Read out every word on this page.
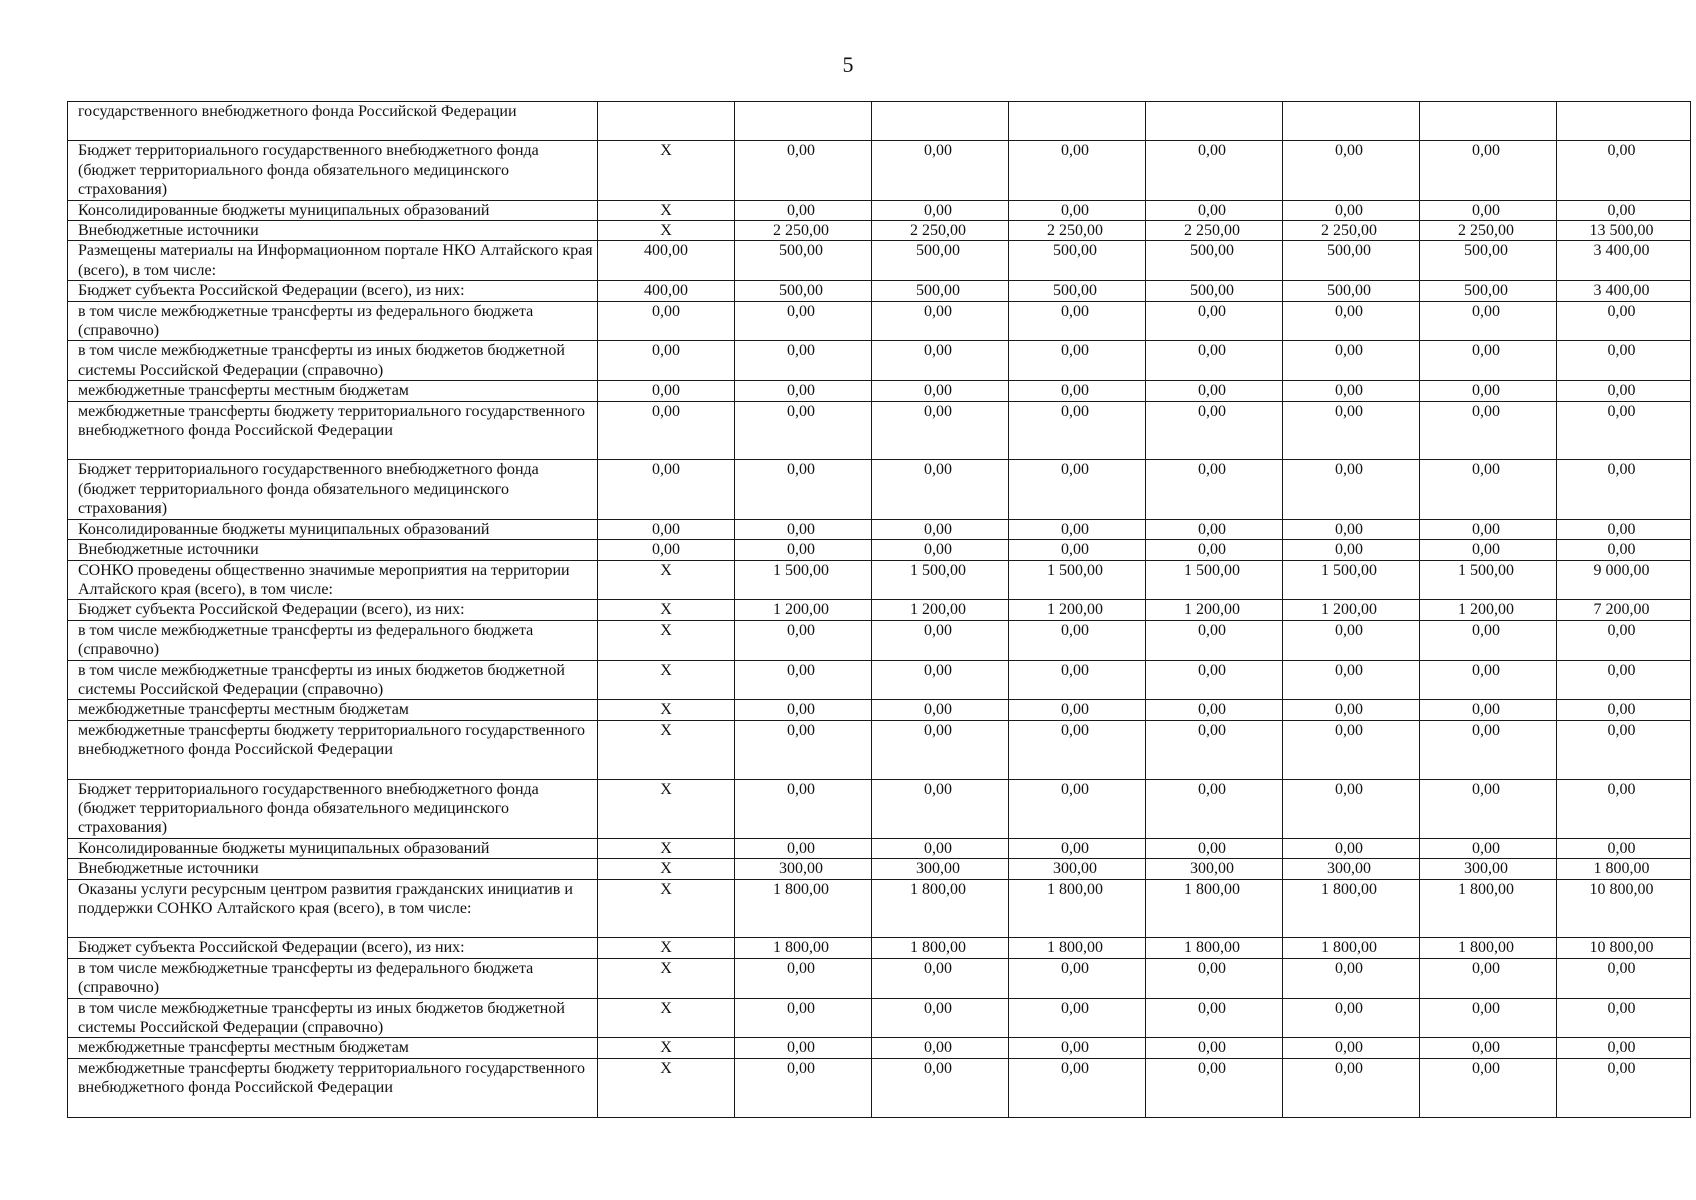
5
государственного внебюджетного фонда Российской Федерации								
Бюджет территориального государственного внебюджетного фонда (бюджет территориального фонда обязательного медицинского страхования)	Х	0,00	0,00	0,00	0,00	0,00	0,00	0,00
Консолидированные бюджеты муниципальных образований	Х	0,00	0,00	0,00	0,00	0,00	0,00	0,00
Внебюджетные источники	Х	2 250,00	2 250,00	2 250,00	2 250,00	2 250,00	2 250,00	13 500,00
Размещены материалы на Информационном портале НКО Алтайского края (всего), в том числе:	400,00	500,00	500,00	500,00	500,00	500,00	500,00	3 400,00
Бюджет субъекта Российской Федерации (всего), из них:	400,00	500,00	500,00	500,00	500,00	500,00	500,00	3 400,00
в том числе межбюджетные трансферты из федерального бюджета (справочно)	0,00	0,00	0,00	0,00	0,00	0,00	0,00	0,00
в том числе межбюджетные трансферты из иных бюджетов бюджетной системы Российской Федерации (справочно)	0,00	0,00	0,00	0,00	0,00	0,00	0,00	0,00
межбюджетные трансферты местным бюджетам	0,00	0,00	0,00	0,00	0,00	0,00	0,00	0,00
межбюджетные трансферты бюджету территориального государственного внебюджетного фонда Российской Федерации	0,00	0,00	0,00	0,00	0,00	0,00	0,00	0,00
Бюджет территориального государственного внебюджетного фонда (бюджет территориального фонда обязательного медицинского страхования)	0,00	0,00	0,00	0,00	0,00	0,00	0,00	0,00
Консолидированные бюджеты муниципальных образований	0,00	0,00	0,00	0,00	0,00	0,00	0,00	0,00
Внебюджетные источники	0,00	0,00	0,00	0,00	0,00	0,00	0,00	0,00
СОНКО проведены общественно значимые мероприятия на территории Алтайского края (всего), в том числе:	Х	1 500,00	1 500,00	1 500,00	1 500,00	1 500,00	1 500,00	9 000,00
Бюджет субъекта Российской Федерации (всего), из них:	Х	1 200,00	1 200,00	1 200,00	1 200,00	1 200,00	1 200,00	7 200,00
в том числе межбюджетные трансферты из федерального бюджета (справочно)	Х	0,00	0,00	0,00	0,00	0,00	0,00	0,00
в том числе межбюджетные трансферты из иных бюджетов бюджетной системы Российской Федерации (справочно)	Х	0,00	0,00	0,00	0,00	0,00	0,00	0,00
межбюджетные трансферты местным бюджетам	Х	0,00	0,00	0,00	0,00	0,00	0,00	0,00
межбюджетные трансферты бюджету территориального государственного внебюджетного фонда Российской Федерации	Х	0,00	0,00	0,00	0,00	0,00	0,00	0,00
Бюджет территориального государственного внебюджетного фонда (бюджет территориального фонда обязательного медицинского страхования)	Х	0,00	0,00	0,00	0,00	0,00	0,00	0,00
Консолидированные бюджеты муниципальных образований	Х	0,00	0,00	0,00	0,00	0,00	0,00	0,00
Внебюджетные источники	Х	300,00	300,00	300,00	300,00	300,00	300,00	1 800,00
Оказаны услуги ресурсным центром развития гражданских инициатив и поддержки СОНКО Алтайского края (всего), в том числе:	Х	1 800,00	1 800,00	1 800,00	1 800,00	1 800,00	1 800,00	10 800,00
Бюджет субъекта Российской Федерации (всего), из них:	Х	1 800,00	1 800,00	1 800,00	1 800,00	1 800,00	1 800,00	10 800,00
в том числе межбюджетные трансферты из федерального бюджета (справочно)	Х	0,00	0,00	0,00	0,00	0,00	0,00	0,00
в том числе межбюджетные трансферты из иных бюджетов бюджетной системы Российской Федерации (справочно)	Х	0,00	0,00	0,00	0,00	0,00	0,00	0,00
межбюджетные трансферты местным бюджетам	Х	0,00	0,00	0,00	0,00	0,00	0,00	0,00
межбюджетные трансферты бюджету территориального государственного внебюджетного фонда Российской Федерации	Х	0,00	0,00	0,00	0,00	0,00	0,00	0,00
